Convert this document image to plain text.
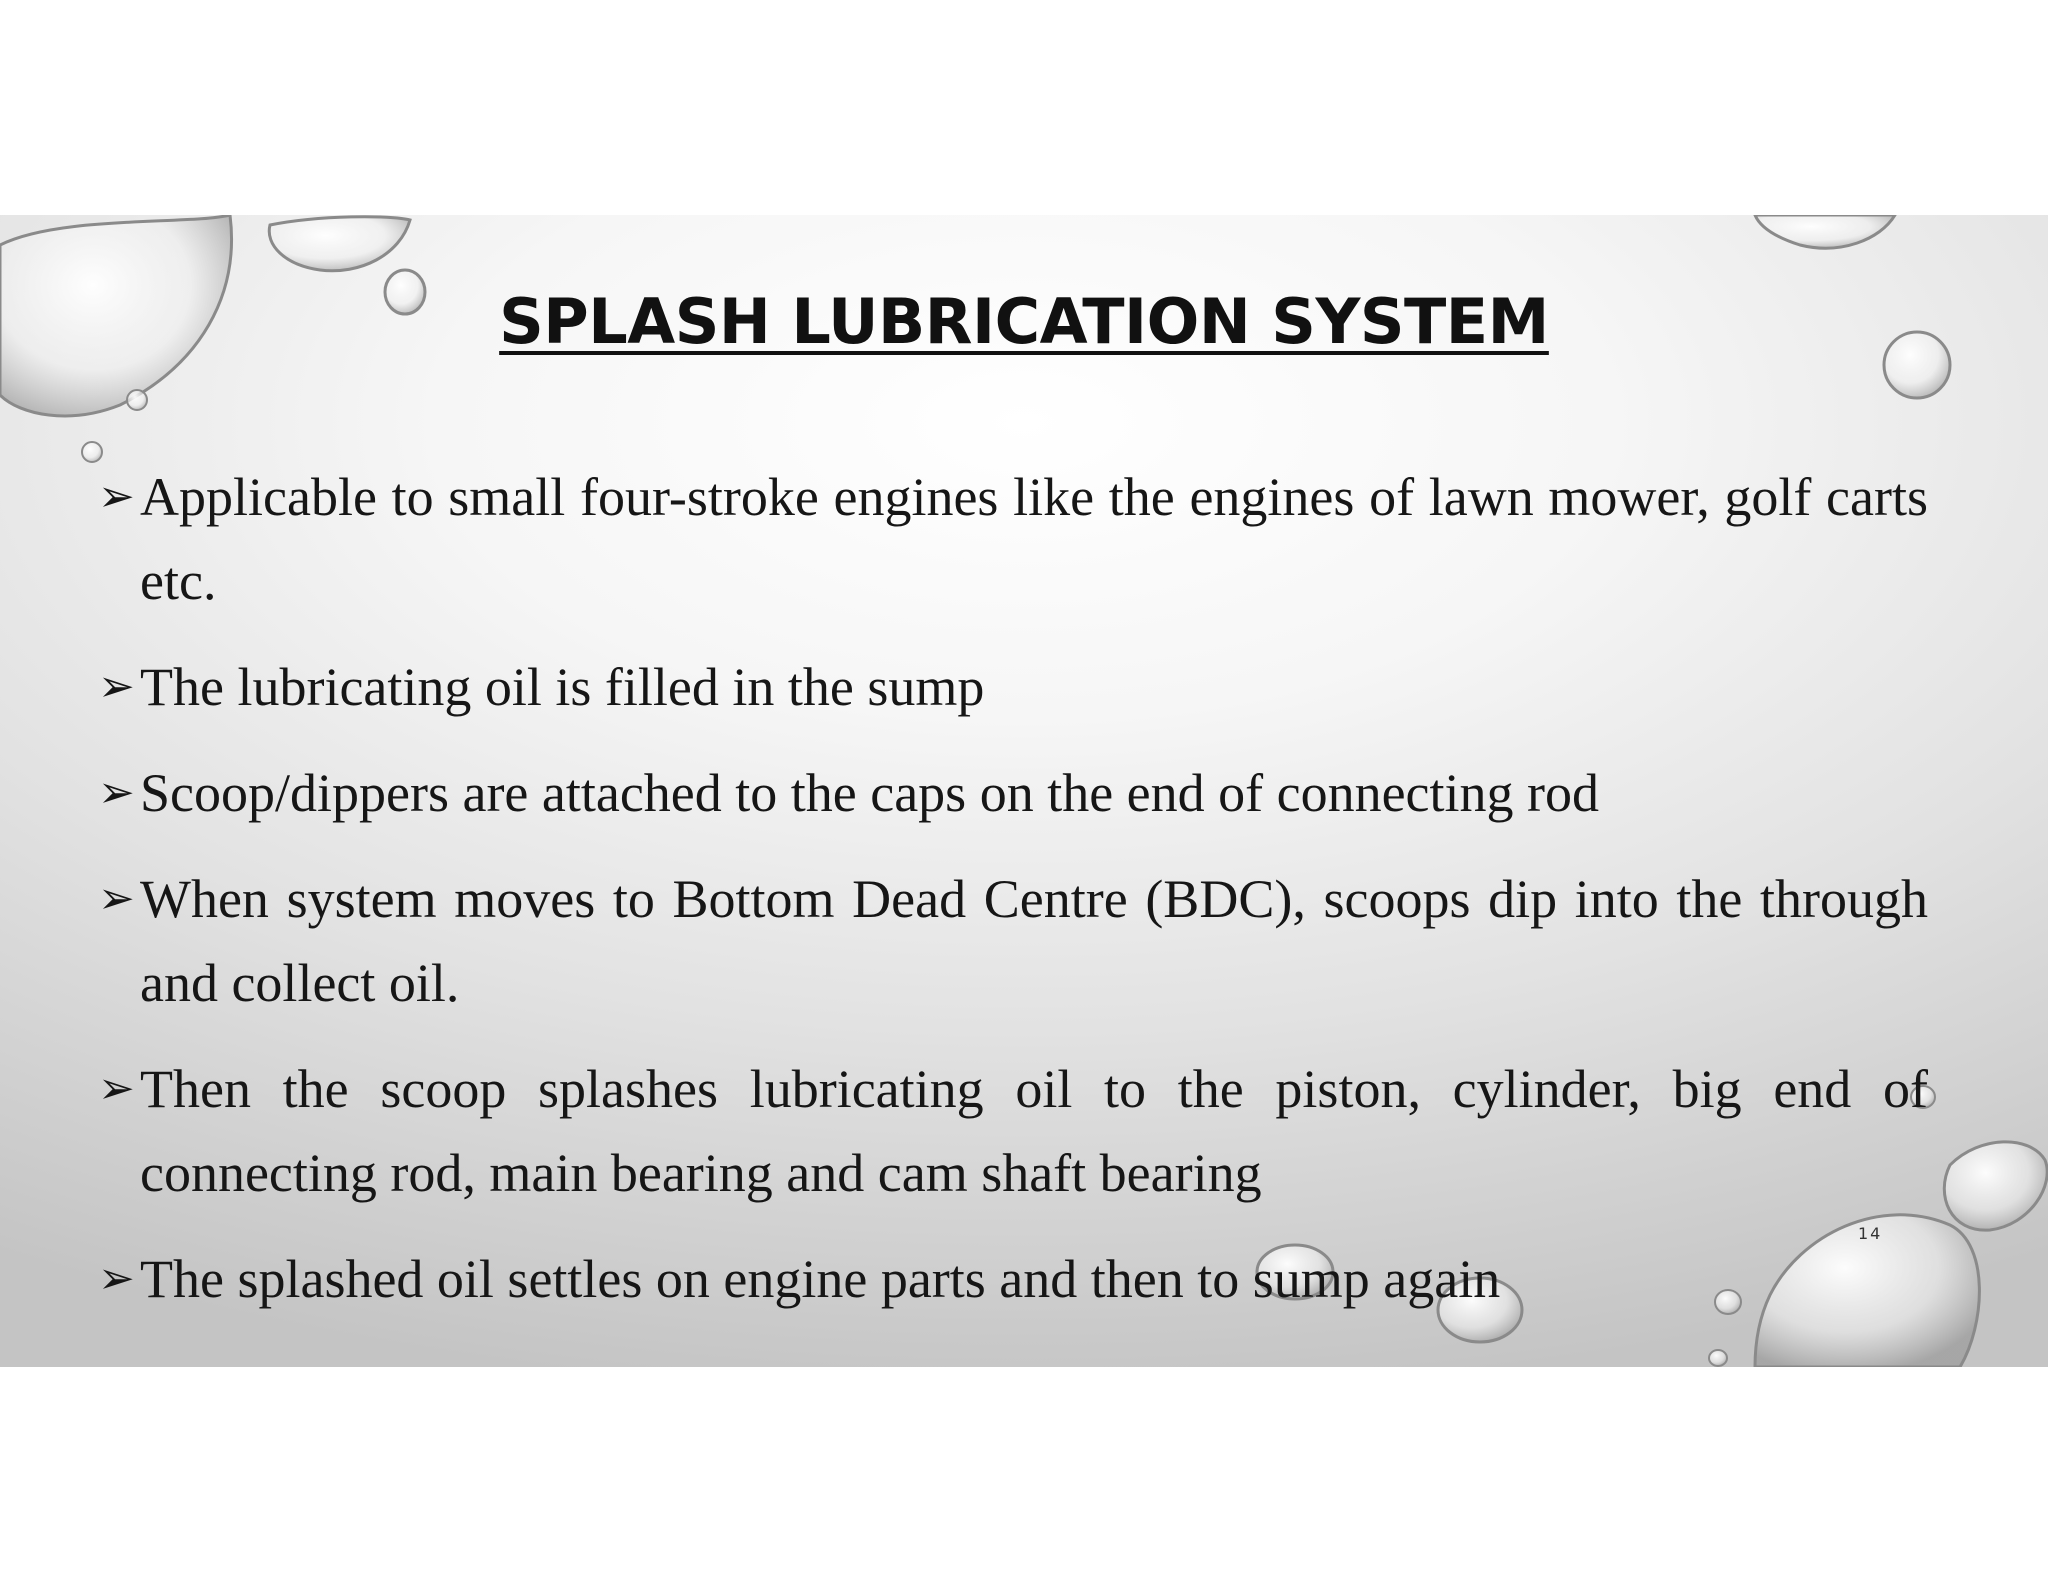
SPLASH LUBRICATION SYSTEM
➢ Applicable to small four-stroke engines like the engines of lawn mower, golf carts etc.
➢ The lubricating oil is filled in the sump
➢ Scoop/dippers are attached to the caps on the end of connecting rod
➢ When system moves to Bottom Dead Centre (BDC), scoops dip into the through and collect oil.
➢ Then the scoop splashes lubricating oil to the piston, cylinder, big end of connecting rod, main bearing and cam shaft bearing
➢ The splashed oil settles on engine parts and then to sump again
14
